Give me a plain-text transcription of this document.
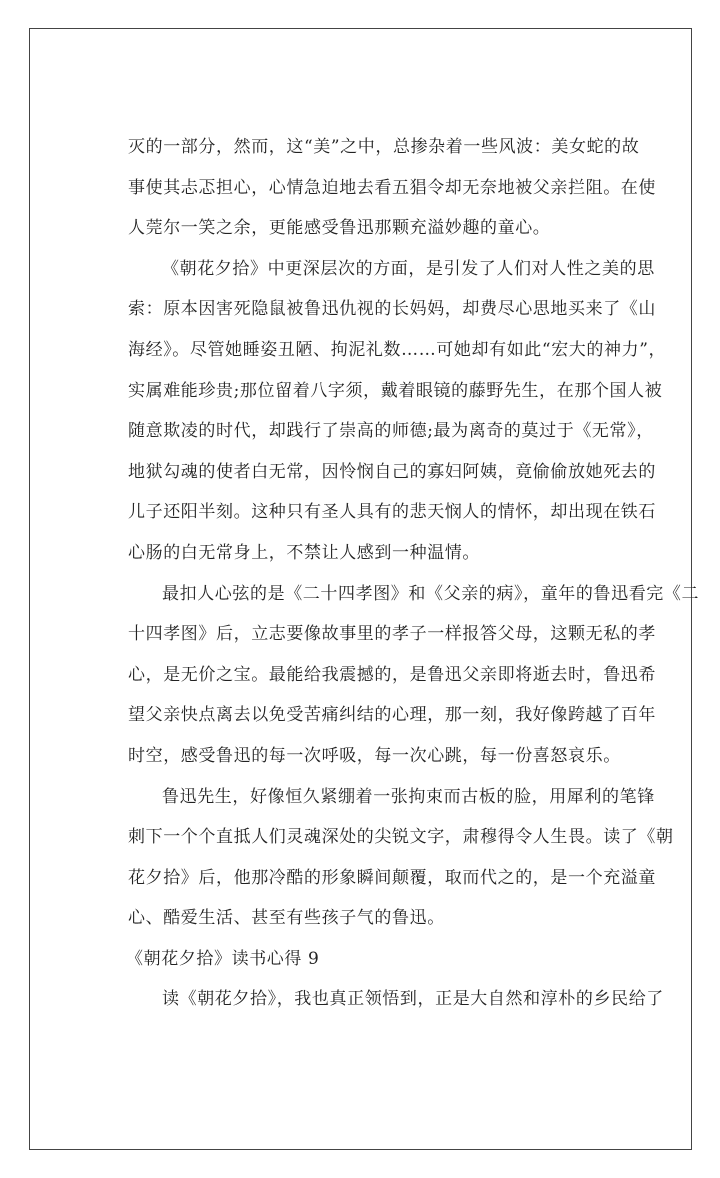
灭的一部分，然而，这“美”之中，总掺杂着一些风波：美女蛇的故
事使其忐忑担心，心情急迫地去看五猖令却无奈地被父亲拦阻。在使
人莞尔一笑之余，更能感受鲁迅那颗充溢妙趣的童心。
《朝花夕拾》中更深层次的方面，是引发了人们对人性之美的思
索：原本因害死隐鼠被鲁迅仇视的长妈妈，却费尽心思地买来了《山
海经》。尽管她睡姿丑陋、拘泥礼数……可她却有如此“宏大的神力”，
实属难能珍贵;那位留着八字须，戴着眼镜的藤野先生，在那个国人被
随意欺凌的时代，却践行了崇高的师德;最为离奇的莫过于《无常》，
地狱勾魂的使者白无常，因怜悯自己的寡妇阿姨，竟偷偷放她死去的
儿子还阳半刻。这种只有圣人具有的悲天悯人的情怀，却出现在铁石
心肠的白无常身上，不禁让人感到一种温情。
最扣人心弦的是《二十四孝图》和《父亲的病》，童年的鲁迅看完《二
十四孝图》后，立志要像故事里的孝子一样报答父母，这颗无私的孝
心，是无价之宝。最能给我震撼的，是鲁迅父亲即将逝去时，鲁迅希
望父亲快点离去以免受苦痛纠结的心理，那一刻，我好像跨越了百年
时空，感受鲁迅的每一次呼吸，每一次心跳，每一份喜怒哀乐。
鲁迅先生，好像恒久紧绷着一张拘束而古板的脸，用犀利的笔锋
刺下一个个直抵人们灵魂深处的尖锐文字，肃穆得令人生畏。读了《朝
花夕拾》后，他那冷酷的形象瞬间颠覆，取而代之的，是一个充溢童
心、酷爱生活、甚至有些孩子气的鲁迅。
《朝花夕拾》读书心得 9
读《朝花夕拾》，我也真正领悟到，正是大自然和淳朴的乡民给了
